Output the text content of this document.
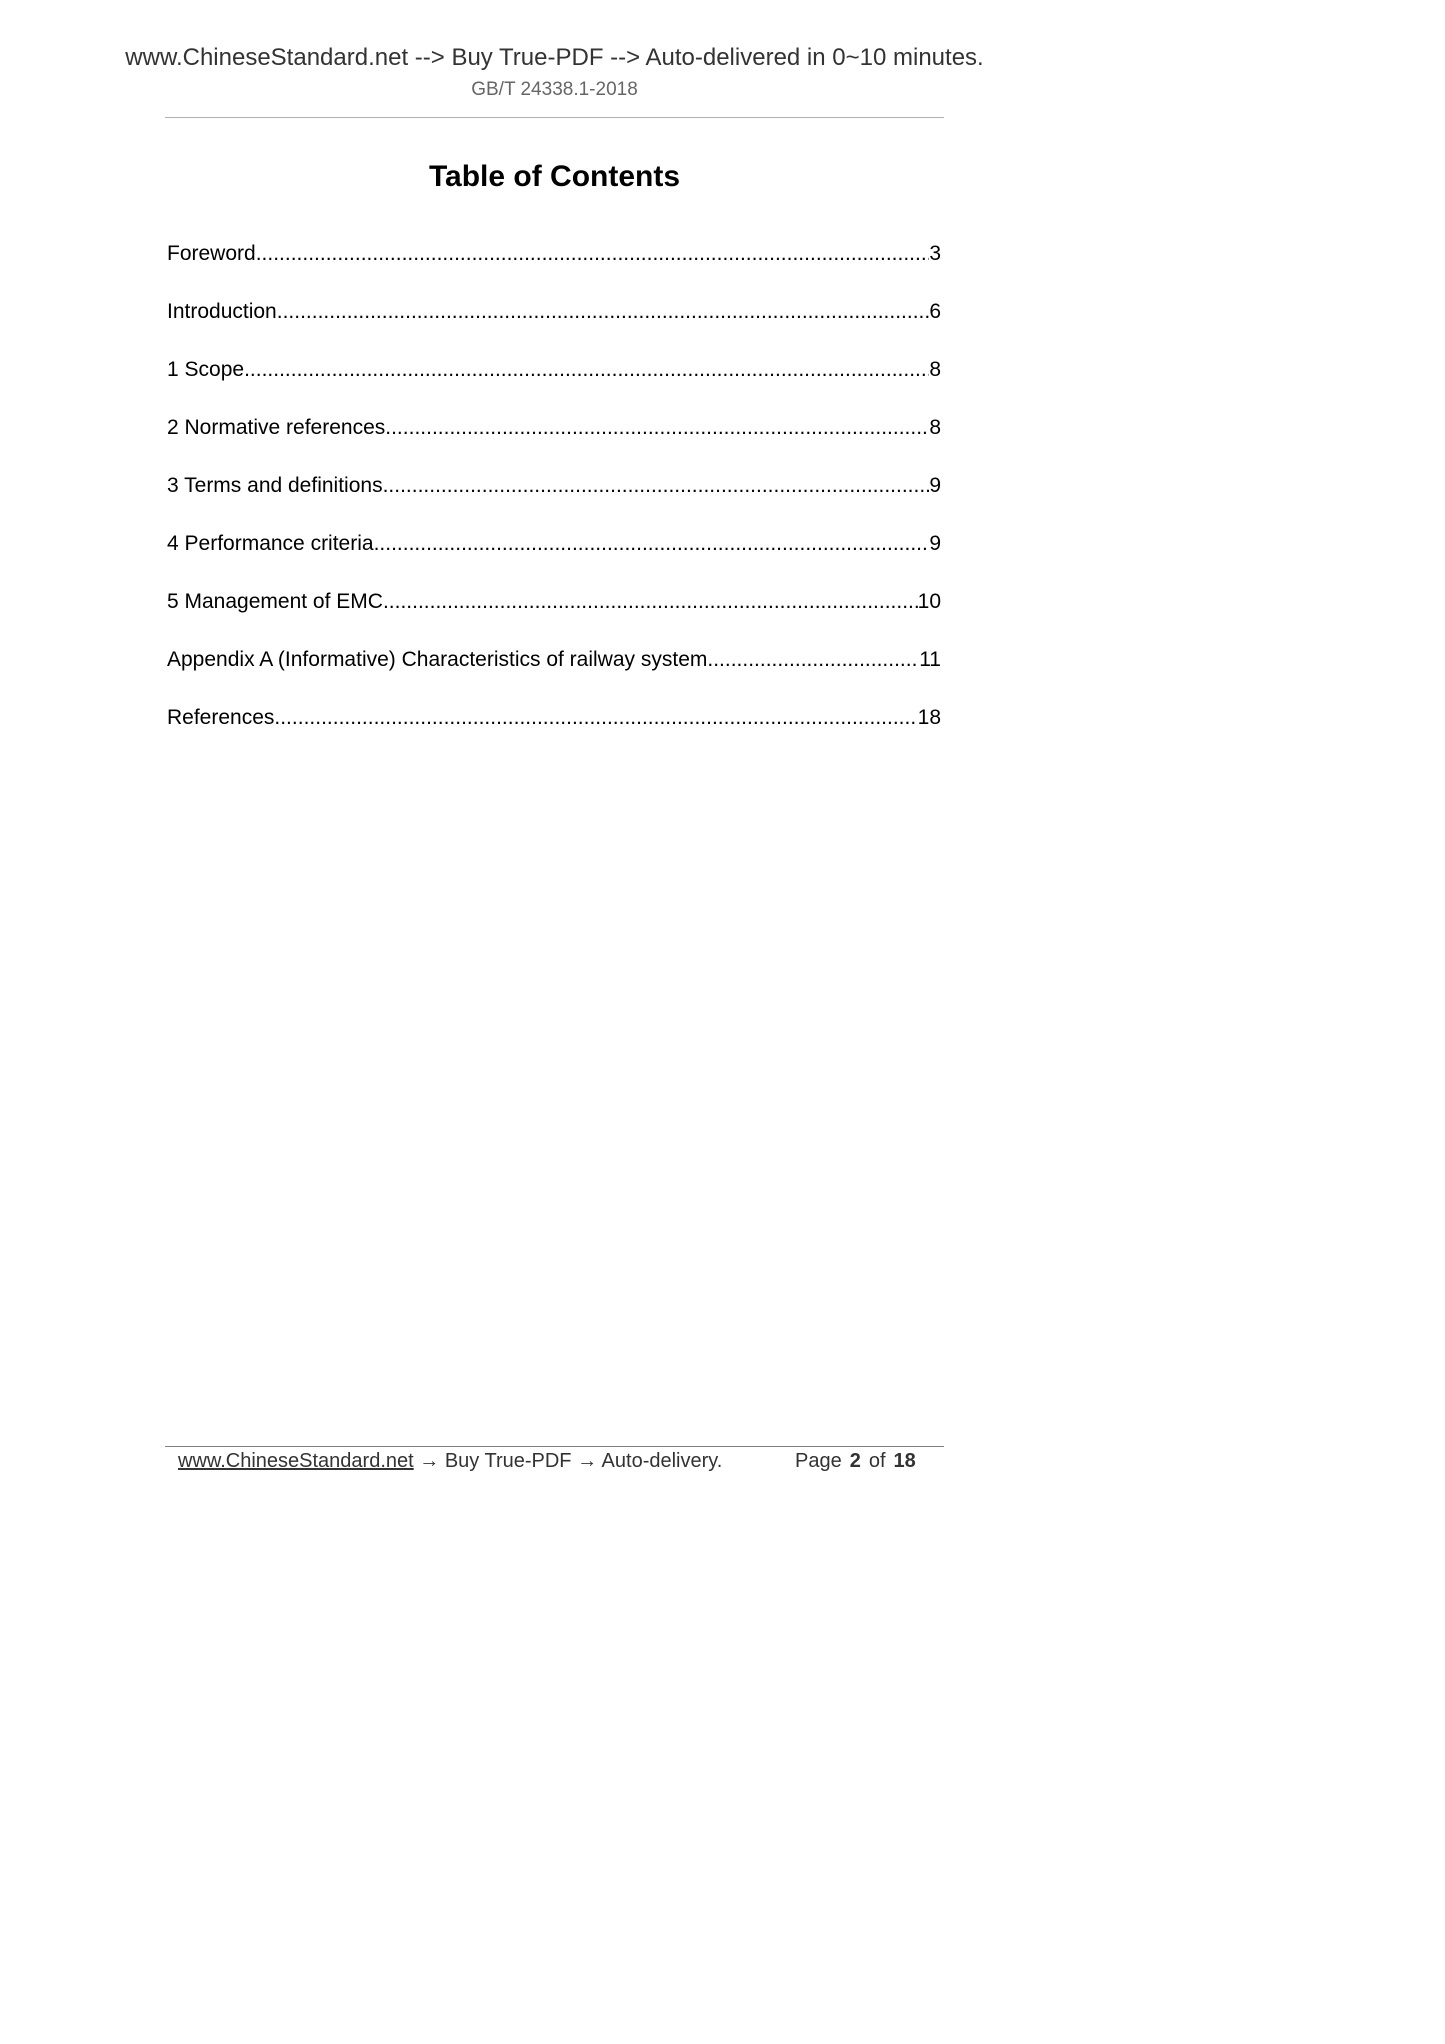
www.ChineseStandard.net --> Buy True-PDF --> Auto-delivered in 0~10 minutes.
GB/T 24338.1-2018
Table of Contents
Foreword .....	3
Introduction .....	6
1 Scope .....	8
2 Normative references .....	8
3 Terms and definitions .....	9
4 Performance criteria .....	9
5 Management of EMC .....	10
Appendix A (Informative) Characteristics of railway system .....	11
References .....	18
www.ChineseStandard.net → Buy True-PDF → Auto-delivery.	Page 2 of 18
